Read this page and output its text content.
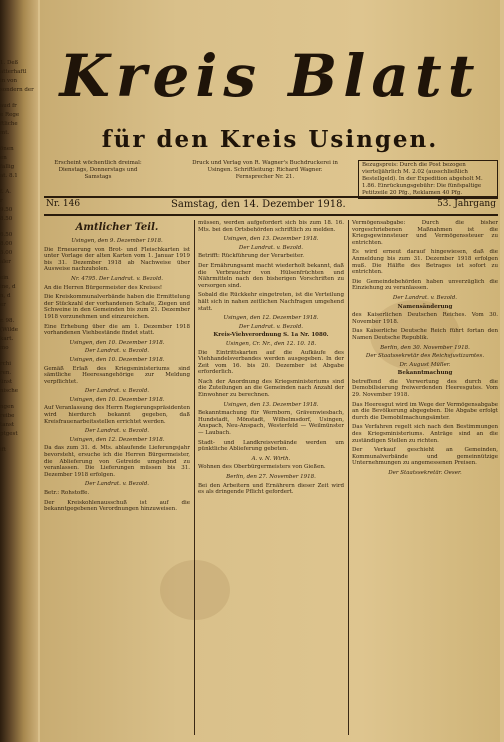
1. Deß
atterhaftl
in von
sondern der
aud fr
e Rege
ftliche
mt.
önen
en
fallig
at. 8.1
f. A.
r
9.50
8.50
6.50
8.00
5.00
aler
ein
ine, d
n, d
er
r. 98.
(Wilde
kart.
mo
rchi
ren.
ünst
nische
ngen
reibe
tanst
ptgest
ift
Kreis Blatt
für den Kreis Usingen.
Erscheint wöchentlich dreimal: Dienstags, Donnerstags und Samstags
Druck und Verlag von R. Wagner's Buchdruckerei in Usingen. Schriftleitung: Richard Wagner. Fernsprecher Nr. 21.
Bezugspreis: Durch die Post bezogen vierteljährlich M. 2.02 (ausschließlich Bestellgeld). In der Expedition abgeholt M. 1.86. Einrückungsgebühr: Die fünfspaltige Petitzeile 20 Pfg., Reklamen 40 Pfg.
Nr. 146	Samstag, den 14. Dezember 1918.	53. Jahrgang
Amtlicher Teil.

Usingen, den 9. Dezember 1918.

Die Erneuerung von Brot- und Fleischkarten ist unter Vorlage der alten Karten vom 1. Januar 1919 bis 31. Dezember 1918 ab Nachweise über Ausweise nachzuholen.

Nr. 4795. Der Landrat. v. Bezold.

An die Herren Bürgermeister des Kreises!

Die Kreiskommunalverbände haben die Ermittelung der Stückzahl der vorhandenen Schafe, Ziegen und Schweine in den Gemeinden bis zum 21. Dezember 1918 vorzunehmen und einzureichen.

Eine Erhebung über die am 1. Dezember 1918 vorhandenen Viehbestände findet statt.

Usingen, den 10. Dezember 1918.

Der Landrat. v. Bezold.

Usingen, den 10. Dezember 1918.

Gemäß Erlaß des Kriegsministeriums sind sämtliche Heeresangehörige zur Meldung verpflichtet.

Der Landrat. v. Bezold.

Usingen, den 10. Dezember 1918.

Auf Veranlassung des Herrn Regierungspräsidenten wird hierdurch bekannt gegeben, daß Kreisfrauenarbeitsstellen errichtet werden.

Der Landrat. v. Bezold.

Usingen, den 12. Dezember 1918.

Da das zum 31. d. Mts. ablaufende Lieferungsjahr bevorsteht, ersuche ich die Herren Bürgermeister, die Ablieferung von Getreide umgehend zu veranlassen. Die Lieferungen müssen bis 31. Dezember 1918 erfolgen.

Der Landrat. v. Bezold.

Betr.: Rohstoffe.

Der Kreiskohlenausschuß ist auf die bekanntgegebenen Verordnungen hinzuweisen.

müssen, werden aufgefordert sich bis zum 18. 16. Mts. bei den Ortsbehörden schriftlich zu melden.

Usingen, den 13. Dezember 1918.

Der Landrat. v. Bezold.

Betrifft: Rückführung der Verarbeiter.

Der Ernährungsamt macht wiederholt bekannt, daß die Verbraucher von Hülsenfrüchten und Nährmitteln nach den bisherigen Vorschriften zu versorgen sind.

Sobald die Rückkehr eingetreten, ist die Verteilung hält sich in nahen zeitlichen Nachfragen umgehend statt.

Usingen, den 12. Dezember 1918.

Der Landrat. v. Bezold.

Kreis-Viehverordnung S. 1a Nr. 1080.

Usingen, Cr. Nr., den 12. 10. 18.

Die Eintrittskarten auf die Aufkäufe des Viehhandelsverbandes werden ausgegeben. In der Zeit vom 16. bis 20. Dezember ist Abgabe erforderlich.

Nach der Anordnung des Kriegsministeriums sind die Zuteilungen an die Gemeinden nach Anzahl der Einwohner zu berechnen.

Usingen, den 13. Dezember 1918.

Bekanntmachung für Wernborn, Grävenwiesbach, Hundstadt, Mönstadt, Wilhelmsdorf, Usingen, Anspach, Neu-Anspach, Westerfeld — Weilmünster — Laubach.

Stadt- und Landkreisverbände werden um pünktliche Ablieferung gebeten.

A. v. N. Wirth.

Wohnen des Oberbürgermeisters von Gießen.

Berlin, den 27. November 1918.

Bei den Arbeitern und Ernährern dieser Zeit wird es als dringende Pflicht gefordert.

Vermögensabgabe: Durch die bisher vorgeschriebenen Maßnahmen ist die Kriegsgewinnsteuer und Vermögenssteuer zu entrichten.

Es wird erneut darauf hingewiesen, daß die Anmeldung bis zum 31. Dezember 1918 erfolgen muß. Die Hälfte des Betrages ist sofort zu entrichten.

Die Gemeindebehörden haben unverzüglich die Einziehung zu veranlassen.

Der Landrat. v. Bezold.

Namensänderung

des Kaiserlichen Deutschen Reiches. Vom 30. November 1918.

Das Kaiserliche Deutsche Reich führt fortan den Namen Deutsche Republik.

Berlin, den 30. November 1918.

Der Staatssekretär des Reichsjustizamtes.

Dr. August Müller.

Bekanntmachung

betreffend die Verwertung des durch die Demobilisierung freiwerdenden Heeresgutes. Vom 29. November 1918.

Das Heeresgut wird im Wege der Vermögensabgabe an die Bevölkerung abgegeben. Die Abgabe erfolgt durch die Demobilmachungsämter.

Das Verfahren regelt sich nach den Bestimmungen des Kriegsministeriums. Anträge sind an die zuständigen Stellen zu richten.

Der Verkauf geschieht an Gemeinden, Kommunalverbände und gemeinnützige Unternehmungen zu angemessenen Preisen.

Der Staatssekretär. Oeser.
